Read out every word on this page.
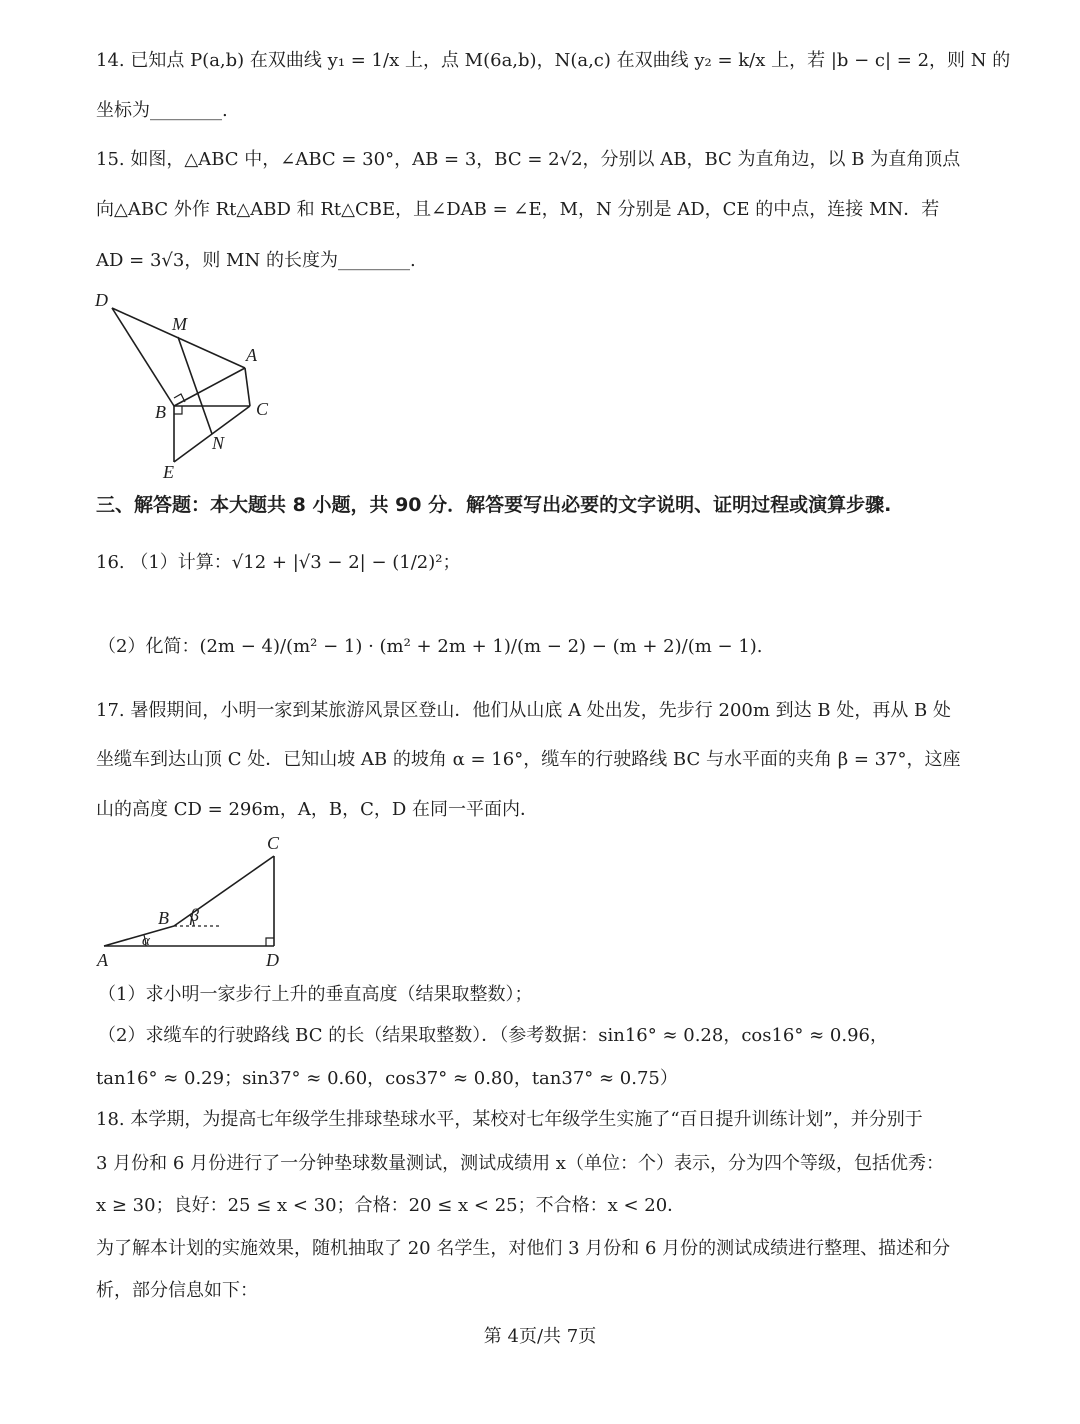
14. 已知点 P(a,b) 在双曲线 y₁ = 1/x 上，点 M(6a,b)，N(a,c) 在双曲线 y₂ = k/x 上，若 |b − c| = 2，则 N 的
坐标为________.
15. 如图，△ABC 中，∠ABC = 30°，AB = 3，BC = 2√2，分别以 AB，BC 为直角边，以 B 为直角顶点
向△ABC 外作 Rt△ABD 和 Rt△CBE，且∠DAB = ∠E，M，N 分别是 AD，CE 的中点，连接 MN．若
AD = 3√3，则 MN 的长度为________.
D
M
A
B	C
N
E
三、解答题：本大题共 8 小题，共 90 分．解答要写出必要的文字说明、证明过程或演算步骤.
16. （1）计算：√12 + |√3 − 2| − (1/2)²；
（2）化简：(2m − 4)/(m² − 1) · (m² + 2m + 1)/(m − 2) − (m + 2)/(m − 1).
17. 暑假期间，小明一家到某旅游风景区登山．他们从山底 A 处出发，先步行 200m 到达 B 处，再从 B 处
坐缆车到达山顶 C 处．已知山坡 AB 的坡角 α = 16°，缆车的行驶路线 BC 与水平面的夹角 β = 37°，这座
山的高度 CD = 296m，A，B，C，D 在同一平面内．
C
B β
α
A	D
（1）求小明一家步行上升的垂直高度（结果取整数）；
（2）求缆车的行驶路线 BC 的长（结果取整数）．（参考数据：sin16° ≈ 0.28，cos16° ≈ 0.96，
tan16° ≈ 0.29；sin37° ≈ 0.60，cos37° ≈ 0.80，tan37° ≈ 0.75）
18. 本学期，为提高七年级学生排球垫球水平，某校对七年级学生实施了“百日提升训练计划”，并分别于
3 月份和 6 月份进行了一分钟垫球数量测试，测试成绩用 x（单位：个）表示，分为四个等级，包括优秀：
x ≥ 30；良好：25 ≤ x < 30；合格：20 ≤ x < 25；不合格：x < 20．
为了解本计划的实施效果，随机抽取了 20 名学生，对他们 3 月份和 6 月份的测试成绩进行整理、描述和分
析，部分信息如下：
第 4页/共 7页
